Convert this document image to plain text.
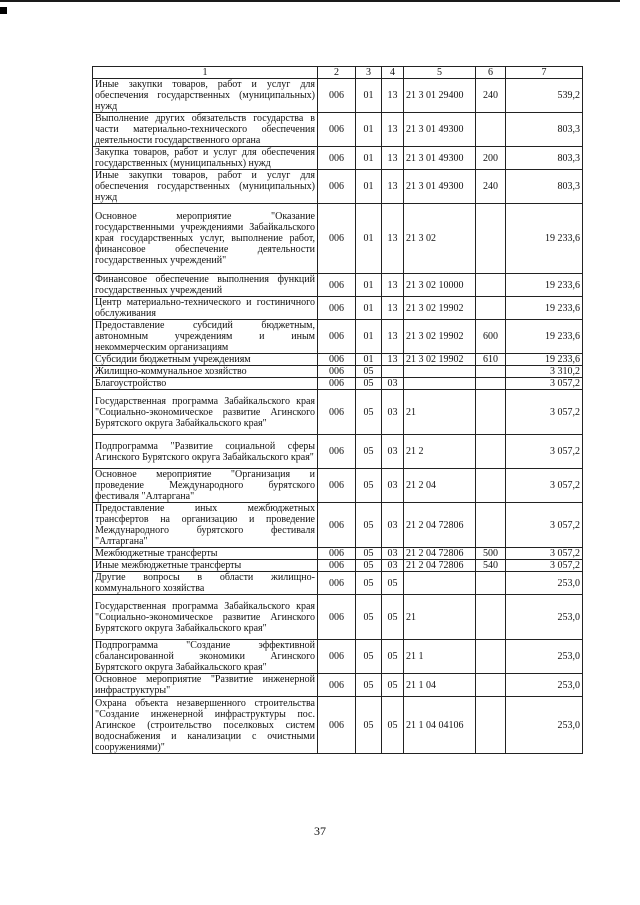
1	2	3	4	5	6	7
Иные закупки товаров, работ и услуг для обеспечения государственных (муниципальных) нужд	006	01	13	21 3 01 29400	240	539,2
Выполнение других обязательств государства в части материально-технического обеспечения деятельности государственного органа	006	01	13	21 3 01 49300		803,3
Закупка товаров, работ и услуг для обеспечения государственных (муниципальных) нужд	006	01	13	21 3 01 49300	200	803,3
Иные закупки товаров, работ и услуг для обеспечения государственных (муниципальных) нужд	006	01	13	21 3 01 49300	240	803,3
Основное мероприятие "Оказание государственными учреждениями Забайкальского края государственных услуг, выполнение работ, финансовое обеспечение деятельности государственных учреждений"	006	01	13	21 3 02		19 233,6
Финансовое обеспечение выполнения функций государственных учреждений	006	01	13	21 3 02 10000		19 233,6
Центр материально-технического и гостиничного обслуживания	006	01	13	21 3 02 19902		19 233,6
Предоставление субсидий бюджетным, автономным учреждениям и иным некоммерческим организациям	006	01	13	21 3 02 19902	600	19 233,6
Субсидии бюджетным учреждениям	006	01	13	21 3 02 19902	610	19 233,6
Жилищно-коммунальное хозяйство	006	05				3 310,2
Благоустройство	006	05	03			3 057,2
Государственная программа Забайкальского края "Социально-экономическое развитие Агинского Бурятского округа Забайкальского края"	006	05	03	21		3 057,2
Подпрограмма "Развитие социальной сферы Агинского Бурятского округа Забайкальского края"	006	05	03	21 2		3 057,2
Основное мероприятие "Организация и проведение Международного бурятского фестиваля "Алтаргана"	006	05	03	21 2 04		3 057,2
Предоставление иных межбюджетных трансфертов на организацию и проведение Международного бурятского фестиваля "Алтаргана"	006	05	03	21 2 04 72806		3 057,2
Межбюджетные трансферты	006	05	03	21 2 04 72806	500	3 057,2
Иные межбюджетные трансферты	006	05	03	21 2 04 72806	540	3 057,2
Другие вопросы в области жилищно-коммунального хозяйства	006	05	05			253,0
Государственная программа Забайкальского края "Социально-экономическое развитие Агинского Бурятского округа Забайкальского края"	006	05	05	21		253,0
Подпрограмма "Создание эффективной сбалансированной экономики Агинского Бурятского округа Забайкальского края"	006	05	05	21 1		253,0
Основное мероприятие "Развитие инженерной инфраструктуры"	006	05	05	21 1 04		253,0
Охрана объекта незавершенного строительства "Создание инженерной инфраструктуры пос. Агинское (строительство поселковых систем водоснабжения и канализации с очистными сооружениями)"	006	05	05	21 1 04 04106		253,0
37
